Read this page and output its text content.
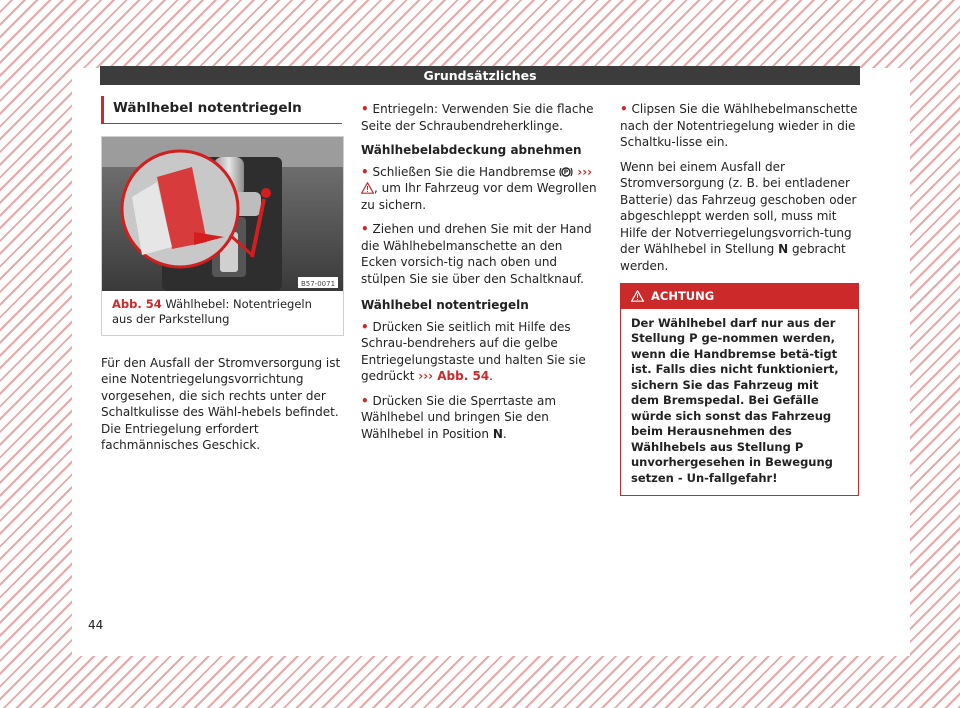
Grundsätzliches
Wählhebel notentriegeln
B57-0071
Abb. 54 Wählhebel: Notentriegeln aus der Parkstellung

Für den Ausfall der Stromversorgung ist eine Notentriegelungsvorrichtung vorgesehen, die sich rechts unter der Schaltkulisse des Wähl-hebels befindet. Die Entriegelung erfordert fachmännisches Geschick.

• Entriegeln: Verwenden Sie die flache Seite der Schraubendreherklinge.

Wählhebelabdeckung abnehmen

• Schließen Sie die Handbremse P ››› , um Ihr Fahrzeug vor dem Wegrollen zu sichern.

• Ziehen und drehen Sie mit der Hand die Wählhebelmanschette an den Ecken vorsich-tig nach oben und stülpen Sie sie über den Schaltknauf.

Wählhebel notentriegeln

• Drücken Sie seitlich mit Hilfe des Schrau-bendrehers auf die gelbe Entriegelungstaste und halten Sie sie gedrückt ››› Abb. 54.

• Drücken Sie die Sperrtaste am Wählhebel und bringen Sie den Wählhebel in Position N.

• Clipsen Sie die Wählhebelmanschette nach der Notentriegelung wieder in die Schaltku-lisse ein.

Wenn bei einem Ausfall der Stromversorgung (z. B. bei entladener Batterie) das Fahrzeug geschoben oder abgeschleppt werden soll, muss mit Hilfe der Notverriegelungsvorrich-tung der Wählhebel in Stellung N gebracht werden.

ACHTUNG
Der Wählhebel darf nur aus der Stellung P ge-nommen werden, wenn die Handbremse betä-tigt ist. Falls dies nicht funktioniert, sichern Sie das Fahrzeug mit dem Bremspedal. Bei Gefälle würde sich sonst das Fahrzeug beim Herausnehmen des Wählhebels aus Stellung P unvorhergesehen in Bewegung setzen - Un-fallgefahr!
44
